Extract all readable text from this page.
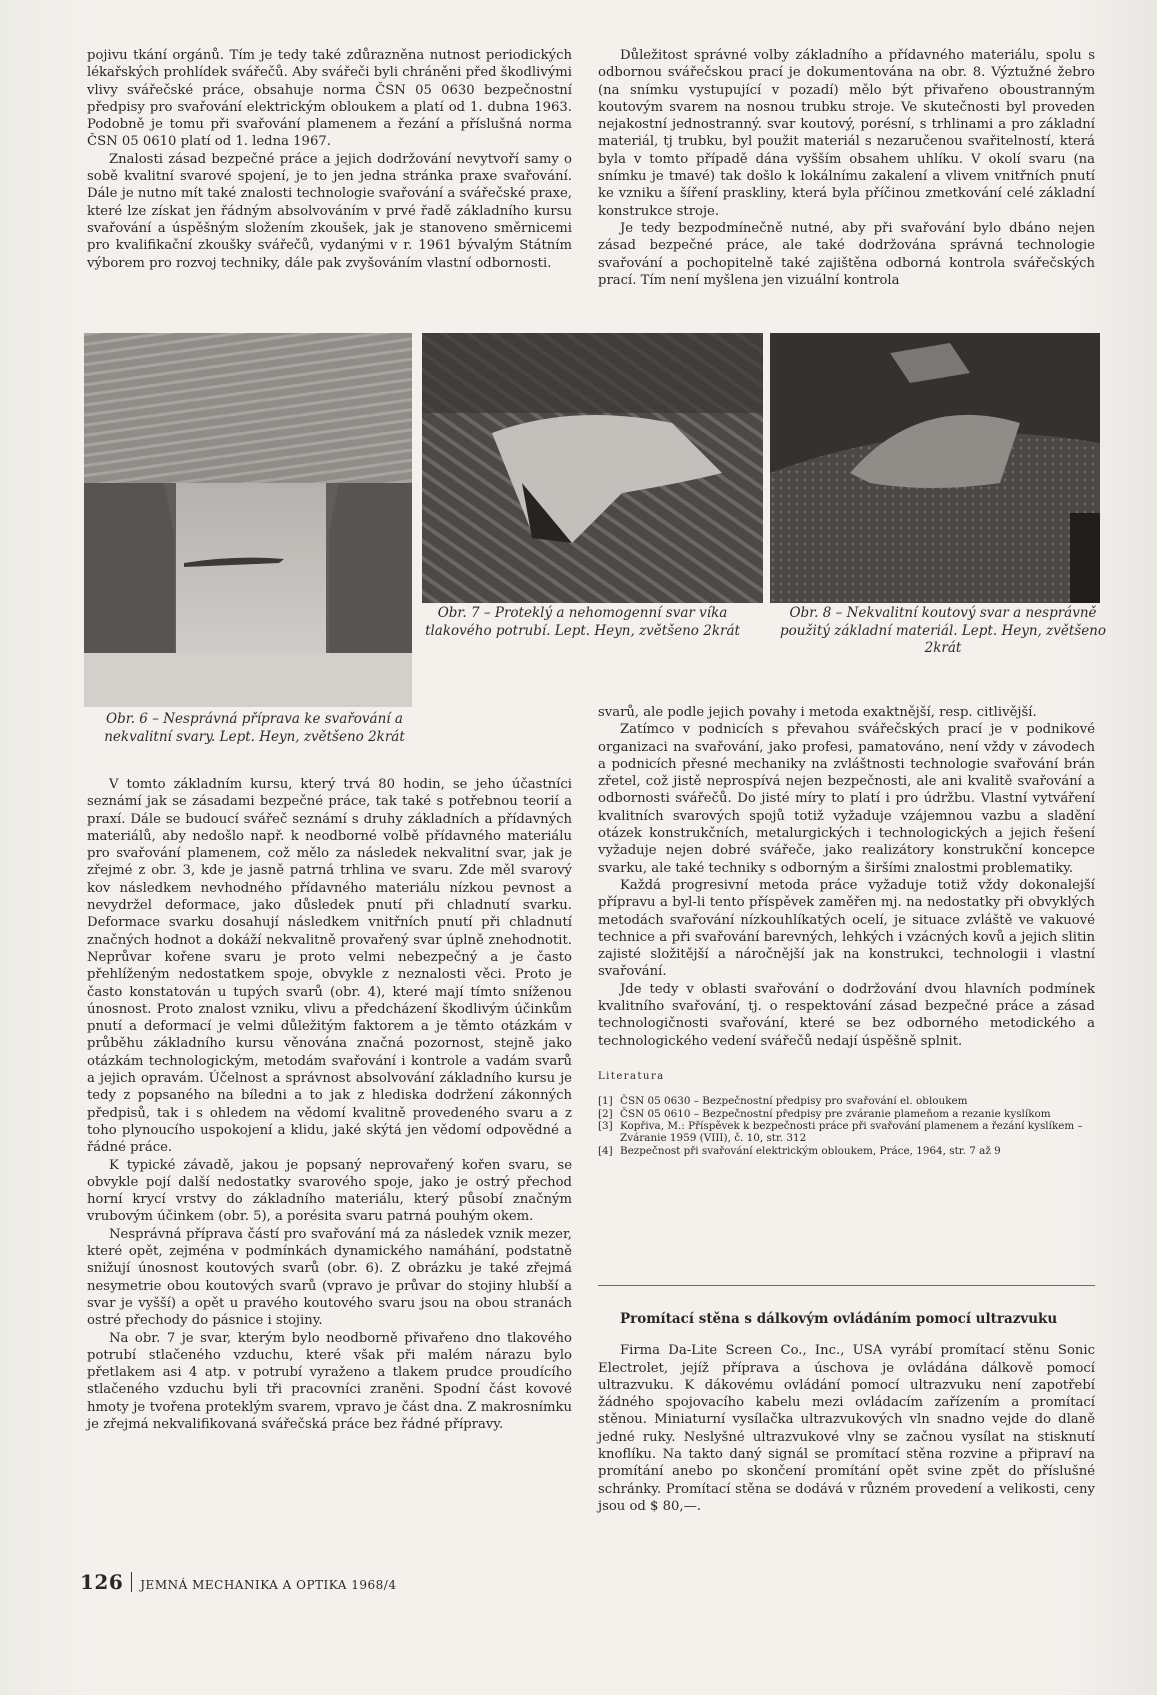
pojivu tkání orgánů. Tím je tedy také zdůrazněna nutnost periodických lékařských prohlídek svářečů. Aby svářeči byli chráněni před škodlivými vlivy svářečské práce, obsahuje norma ČSN 05 0630 bezpečnostní předpisy pro svařování elektrickým obloukem a platí od 1. dubna 1963. Podobně je tomu při svařování plamenem a řezání a příslušná norma ČSN 05 0610 platí od 1. ledna 1967.

Znalosti zásad bezpečné práce a jejich dodržování nevytvoří samy o sobě kvalitní svarové spojení, je to jen jedna stránka praxe svařování. Dále je nutno mít také znalosti technologie svařování a svářečské praxe, které lze získat jen řádným absolvováním v prvé řadě základního kursu svařování a úspěšným složením zkoušek, jak je stanoveno směrnicemi pro kvalifikační zkoušky svářečů, vydanými v r. 1961 bývalým Státním výborem pro rozvoj techniky, dále pak zvyšováním vlastní odbornosti.

Důležitost správné volby základního a přídavného materiálu, spolu s odbornou svářečskou prací je dokumentována na obr. 8. Výztužné žebro (na snímku vystupující v pozadí) mělo být přivařeno oboustranným koutovým svarem na nosnou trubku stroje. Ve skutečnosti byl proveden nejakostní jednostranný. svar koutový, porésní, s trhlinami a pro základní materiál, tj trubku, byl použit materiál s nezaručenou svařitelností, která byla v tomto případě dána vyšším obsahem uhlíku. V okolí svaru (na snímku je tmavé) tak došlo k lokálnímu zakalení a vlivem vnitřních pnutí ke vzniku a šíření praskliny, která byla příčinou zmetkování celé základní konstrukce stroje.

Je tedy bezpodmínečně nutné, aby při svařování bylo dbáno nejen zásad bezpečné práce, ale také dodržována správná technologie svařování a pochopitelně také zajištěna odborná kontrola svářečských prací. Tím není myšlena jen vizuální kontrola

Obr. 7 – Proteklý a nehomogenní svar víka tlakového potrubí. Lept. Heyn, zvětšeno 2krát
Obr. 8 – Nekvalitní koutový svar a nesprávně použitý základní materiál. Lept. Heyn, zvětšeno 2krát
Obr. 6 – Nesprávná příprava ke svařování a nekvalitní svary. Lept. Heyn, zvětšeno 2krát

V tomto základním kursu, který trvá 80 hodin, se jeho účastníci seznámí jak se zásadami bezpečné práce, tak také s potřebnou teorií a praxí. Dále se budoucí svářeč seznámí s druhy základních a přídavných materiálů, aby nedošlo např. k neodborné volbě přídavného materiálu pro svařování plamenem, což mělo za následek nekvalitní svar, jak je zřejmé z obr. 3, kde je jasně patrná trhlina ve svaru. Zde měl svarový kov následkem nevhodného přídavného materiálu nízkou pevnost a nevydržel deformace, jako důsledek pnutí při chladnutí svarku. Deformace svarku dosahují následkem vnitřních pnutí při chladnutí značných hodnot a dokáží nekvalitně provařený svar úplně znehodnotit. Neprůvar kořene svaru je proto velmi nebezpečný a je často přehlíženým nedostatkem spoje, obvykle z neznalosti věci. Proto je často konstatován u tupých svarů (obr. 4), které mají tímto sníženou únosnost. Proto znalost vzniku, vlivu a předcházení škodlivým účinkům pnutí a deformací je velmi důležitým faktorem a je těmto otázkám v průběhu základního kursu věnována značná pozornost, stejně jako otázkám technologickým, metodám svařování i kontrole a vadám svarů a jejich opravám. Účelnost a správnost absolvování základního kursu je tedy z popsaného na bíledni a to jak z hlediska dodržení zákonných předpisů, tak i s ohledem na vědomí kvalitně provedeného svaru a z toho plynoucího uspokojení a klidu, jaké skýtá jen vědomí odpovědné a řádné práce.

K typické závadě, jakou je popsaný neprovařený kořen svaru, se obvykle pojí další nedostatky svarového spoje, jako je ostrý přechod horní krycí vrstvy do základního materiálu, který působí značným vrubovým účinkem (obr. 5), a porésita svaru patrná pouhým okem.

Nesprávná příprava částí pro svařování má za následek vznik mezer, které opět, zejména v podmínkách dynamického namáhání, podstatně snižují únosnost koutových svarů (obr. 6). Z obrázku je také zřejmá nesymetrie obou koutových svarů (vpravo je průvar do stojiny hlubší a svar je vyšší) a opět u pravého koutového svaru jsou na obou stranách ostré přechody do pásnice i stojiny.

Na obr. 7 je svar, kterým bylo neodborně přivařeno dno tlakového potrubí stlačeného vzduchu, které však při malém nárazu bylo přetlakem asi 4 atp. v potrubí vyraženo a tlakem prudce proudícího stlačeného vzduchu byli tři pracovníci zraněni. Spodní část kovové hmoty je tvořena proteklým svarem, vpravo je část dna. Z makrosnímku je zřejmá nekvalifikovaná svářečská práce bez řádné přípravy.

svarů, ale podle jejich povahy i metoda exaktnější, resp. citlivější.

Zatímco v podnicích s převahou svářečských prací je v podnikové organizaci na svařování, jako profesi, pamatováno, není vždy v závodech a podnicích přesné mechaniky na zvláštnosti technologie svařování brán zřetel, což jistě neprospívá nejen bezpečnosti, ale ani kvalitě svařování a odbornosti svářečů. Do jisté míry to platí i pro údržbu. Vlastní vytváření kvalitních svarových spojů totiž vyžaduje vzájemnou vazbu a sladění otázek konstrukčních, metalurgických i technologických a jejich řešení vyžaduje nejen dobré svářeče, jako realizátory konstrukční koncepce svarku, ale také techniky s odborným a širšími znalostmi problematiky.

Každá progresivní metoda práce vyžaduje totiž vždy dokonalejší přípravu a byl-li tento příspěvek zaměřen mj. na nedostatky při obvyklých metodách svařování nízkouhlíkatých ocelí, je situace zvláště ve vakuové technice a při svařování barevných, lehkých i vzácných kovů a jejich slitin zajisté složitější a náročnější jak na konstrukci, technologii i vlastní svařování.

Jde tedy v oblasti svařování o dodržování dvou hlavních podmínek kvalitního svařování, tj. o respektování zásad bezpečné práce a zásad technologičnosti svařování, které se bez odborného metodického a technologického vedení svářečů nedají úspěšně splnit.

Literatura
[1] ČSN 05 0630 – Bezpečnostní předpisy pro svařování el. obloukem
[2] ČSN 05 0610 – Bezpečnostní předpisy pre zváranie plameňom a rezanie kyslíkom
[3] Kopřiva, M.: Příspěvek k bezpečnosti práce při svařování plamenem a řezání kyslíkem – Zváranie 1959 (VIII), č. 10, str. 312
[4] Bezpečnost při svařování elektrickým obloukem, Práce, 1964, str. 7 až 9

Promítací stěna s dálkovým ovládáním pomocí ultrazvuku

Firma Da-Lite Screen Co., Inc., USA vyrábí promítací stěnu Sonic Electrolet, jejíž příprava a úschova je ovládána dálkově pomocí ultrazvuku. K dákovému ovládání pomocí ultrazvuku není zapotřebí žádného spojovacího kabelu mezi ovládacím zařízením a promítací stěnou. Miniaturní vysílačka ultrazvukových vln snadno vejde do dlaně jedné ruky. Neslyšné ultrazvukové vlny se začnou vysílat na stisknutí knoflíku. Na takto daný signál se promítací stěna rozvine a připraví na promítání anebo po skončení promítání opět svine zpět do příslušné schránky. Promítací stěna se dodává v různém provedení a velikosti, ceny jsou od $ 80,—.

126 JEMNÁ MECHANIKA A OPTIKA 1968/4
